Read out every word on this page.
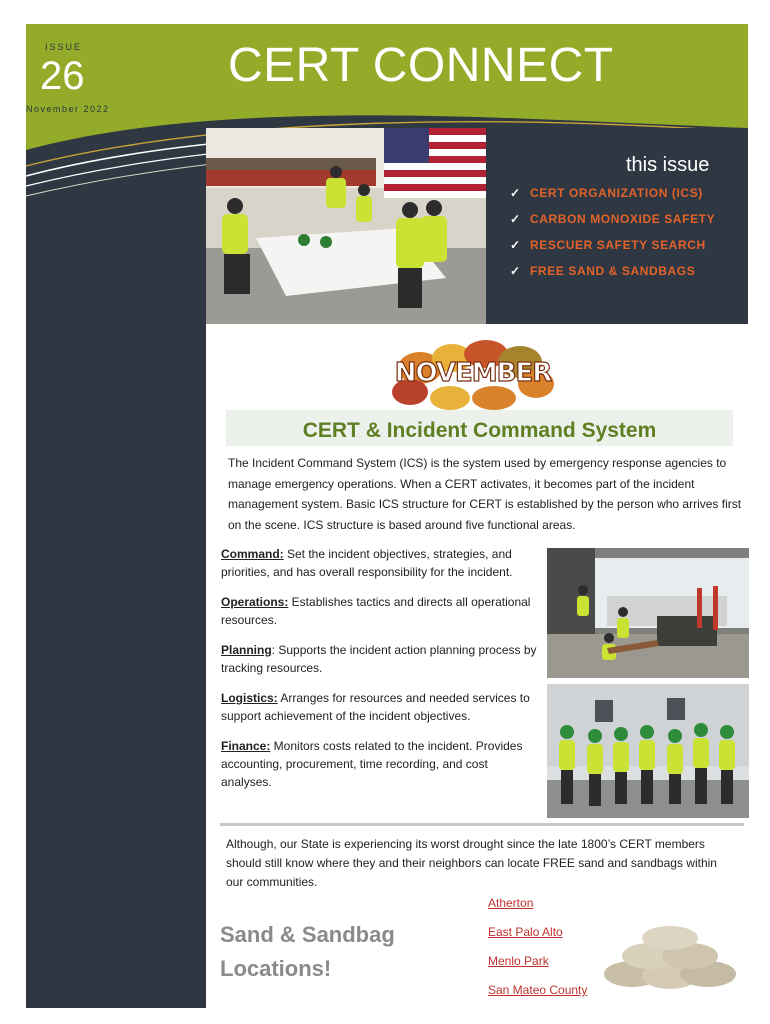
ISSUE
26
November 2022
CERT CONNECT
this issue
✓ CERT ORGANIZATION (ICS)
✓ CARBON MONOXIDE SAFETY
✓ RESCUER SAFETY SEARCH
✓ FREE SAND & SANDBAGS
NOVEMBER
CERT & Incident Command System
The Incident Command System (ICS) is the system used by emergency response agencies to manage emergency operations. When a CERT activates, it becomes part of the incident management system. Basic ICS structure for CERT is established by the person who arrives first on the scene. ICS structure is based around five functional areas.

Command: Set the incident objectives, strategies, and priorities, and has overall responsibility for the incident.

Operations: Establishes tactics and directs all operational resources.

Planning: Supports the incident action planning process by tracking resources.

Logistics: Arranges for resources and needed services to support achievement of the incident objectives.

Finance: Monitors costs related to the incident. Provides accounting, procurement, time recording, and cost analyses.

Although, our State is experiencing its worst drought since the late 1800’s CERT members should still know where they and their neighbors can locate FREE sand and sandbags within our communities.
Sand & Sandbag
Locations!
Atherton
East Palo Alto
Menlo Park
San Mateo County
